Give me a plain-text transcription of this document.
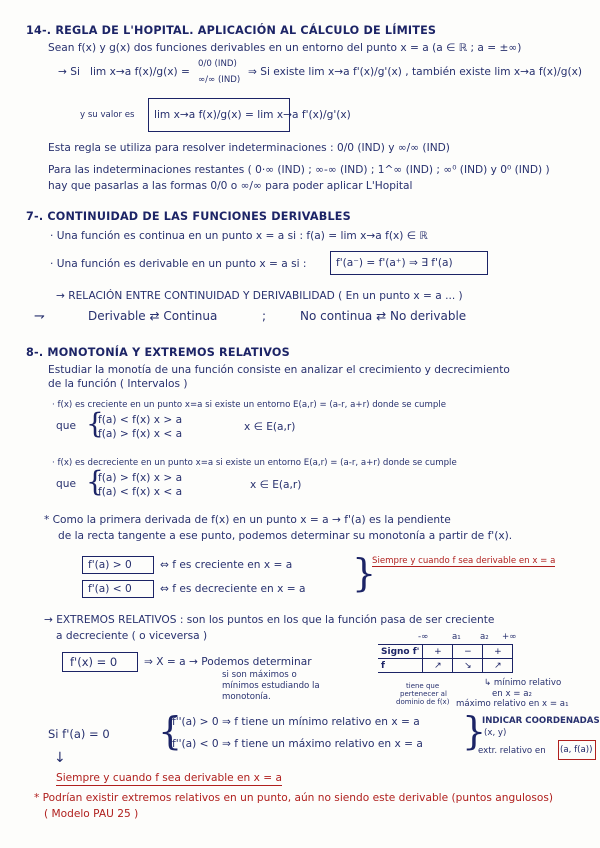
14-. REGLA DE L'HOPITAL. APLICACIÓN AL CÁLCULO DE LÍMITES
Sean f(x) y g(x) dos funciones derivables en un entorno del punto x = a (a ∈ ℝ ; a = ±∞)
→ Si lim x→a f(x)/g(x) =
0/0 (IND)
∞/∞ (IND)
⇒ Si existe lim x→a f'(x)/g'(x) , también existe lim x→a f(x)/g(x)
y su valor es lim x→a f(x)/g(x) = lim x→a f'(x)/g'(x)
Esta regla se utiliza para resolver indeterminaciones : 0/0 (IND) y ∞/∞ (IND)
Para las indeterminaciones restantes ( 0·∞ (IND) ; ∞-∞ (IND) ; 1^∞ (IND) ; ∞⁰ (IND) y 0⁰ (IND) )
hay que pasarlas a las formas 0/0 o ∞/∞ para poder aplicar L'Hopital
7-. CONTINUIDAD DE LAS FUNCIONES DERIVABLES
· Una función es continua en un punto x = a si : f(a) = lim x→a f(x) ∈ ℝ
· Una función es derivable en un punto x = a si :	f'(a⁻) = f'(a⁺) ⇒ ∃ f'(a)
→ RELACIÓN ENTRE CONTINUIDAD Y DERIVABILIDAD ( En un punto x = a ... )
⇁	Derivable ⇄ Continua	;	No continua ⇄ No derivable
8-. MONOTONÍA Y EXTREMOS RELATIVOS
Estudiar la monotía de una función consiste en analizar el crecimiento y decrecimiento
de la función ( Intervalos )
· f(x) es creciente en un punto x=a si existe un entorno E(a,r) = (a-r, a+r) donde se cumple
que {
f(a) < f(x) x > a
f(a) > f(x) x < a
x ∈ E(a,r)
· f(x) es decreciente en un punto x=a si existe un entorno E(a,r) = (a-r, a+r) donde se cumple
que {
f(a) > f(x) x > a
f(a) < f(x) x < a
x ∈ E(a,r)
* Como la primera derivada de f(x) en un punto x = a → f'(a) es la pendiente
de la recta tangente a ese punto, podemos determinar su monotonía a partir de f'(x).
f'(a) > 0	⇔ f es creciente en x = a
f'(a) < 0	⇔ f es decreciente en x = a }
Siempre y cuando f sea derivable en x = a
→ EXTREMOS RELATIVOS : son los puntos en los que la función pasa de ser creciente
a decreciente ( o viceversa )
f'(x) = 0	⇒ X = a → Podemos determinar
si son máximos o
mínimos estudiando la
monotonía.
-∞	a₁ a₂ +∞
Signo f'	+	−	+
f	↗	↘	↗
tiene que
pertenecer al
dominio de f(x)
↳ mínimo relativo
en x = a₂
máximo relativo en x = a₁
Si f'(a) = 0 {
f''(a) > 0 ⇒ f tiene un mínimo relativo en x = a
f''(a) < 0 ⇒ f tiene un máximo relativo en x = a }
INDICAR COORDENADAS
(x, y)
extr. relativo en (a, f(a))
↓
Siempre y cuando f sea derivable en x = a
* Podrían existir extremos relativos en un punto, aún no siendo este derivable (puntos angulosos)
( Modelo PAU 25 )
